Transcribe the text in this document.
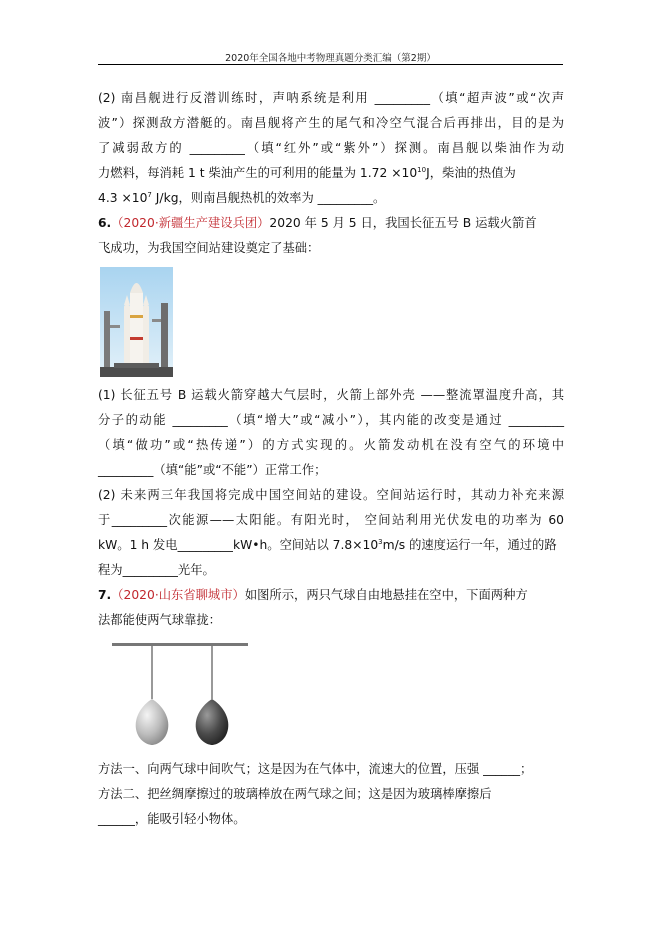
2020年全国各地中考物理真题分类汇编（第2期）
(2) 南昌舰进行反潜训练时，声呐系统是利用 _________（填“超声波”或“次声
波”）探测敌方潜艇的。南昌舰将产生的尾气和冷空气混合后再排出，目的是为
了减弱敌方的 _________（填“红外”或“紫外”）探测。南昌舰以柴油作为动
力燃料，每消耗 1 t 柴油产生的可利用的能量为 $1.72 \times 10^{10}J$，柴油的热值为
$4.3 \times 10^7$ J/kg，则南昌舰热机的效率为 _________。
6.（2020·新疆生产建设兵团）2020 年 5 月 5 日，我国长征五号 B 运载火箭首
飞成功，为我国空间站建设奠定了基础：
(1) 长征五号 B 运载火箭穿越大气层时，火箭上部外壳 ——整流罩温度升高，其
分子的动能 _________（填“增大”或“减小”），其内能的改变是通过 _________
（填“做功”或“热传递”）的方式实现的。火箭发动机在没有空气的环境中
_________（填“能”或“不能”）正常工作；
(2) 未来两三年我国将完成中国空间站的建设。空间站运行时，其动力补充来源
于_________次能源——太阳能。有阳光时， 空间站利用光伏发电的功率为 60
kW。1 h 发电_________kW•h。空间站以 $7.8\times 10^3m/s$ 的速度运行一年，通过的路
程为_________光年。
7.（2020·山东省聊城市）如图所示，两只气球自由地悬挂在空中，下面两种方
法都能使两气球靠拢：
方法一、向两气球中间吹气；这是因为在气体中，流速大的位置，压强 ______；
方法二、把丝绸摩擦过的玻璃棒放在两气球之间；这是因为玻璃棒摩擦后
______，能吸引轻小物体。
